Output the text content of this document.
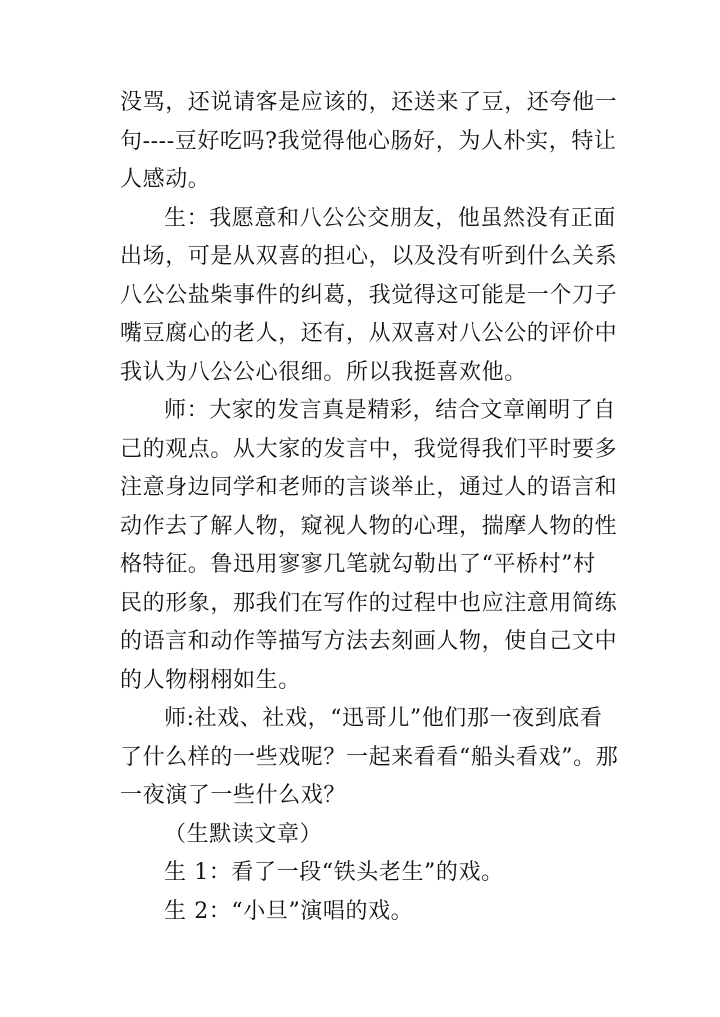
没骂，还说请客是应该的，还送来了豆，还夸他一
句----豆好吃吗?我觉得他心肠好，为人朴实，特让
人感动。
生：我愿意和八公公交朋友，他虽然没有正面
出场，可是从双喜的担心，以及没有听到什么关系
八公公盐柴事件的纠葛，我觉得这可能是一个刀子
嘴豆腐心的老人，还有，从双喜对八公公的评价中
我认为八公公心很细。所以我挺喜欢他。
师：大家的发言真是精彩，结合文章阐明了自
己的观点。从大家的发言中，我觉得我们平时要多
注意身边同学和老师的言谈举止，通过人的语言和
动作去了解人物，窥视人物的心理，揣摩人物的性
格特征。鲁迅用寥寥几笔就勾勒出了“平桥村”村
民的形象，那我们在写作的过程中也应注意用简练
的语言和动作等描写方法去刻画人物，使自己文中
的人物栩栩如生。
师:社戏、社戏，“迅哥儿”他们那一夜到底看
了什么样的一些戏呢？一起来看看“船头看戏”。那
一夜演了一些什么戏？
（生默读文章）
生 1：看了一段“铁头老生”的戏。
生 2：“小旦”演唱的戏。
